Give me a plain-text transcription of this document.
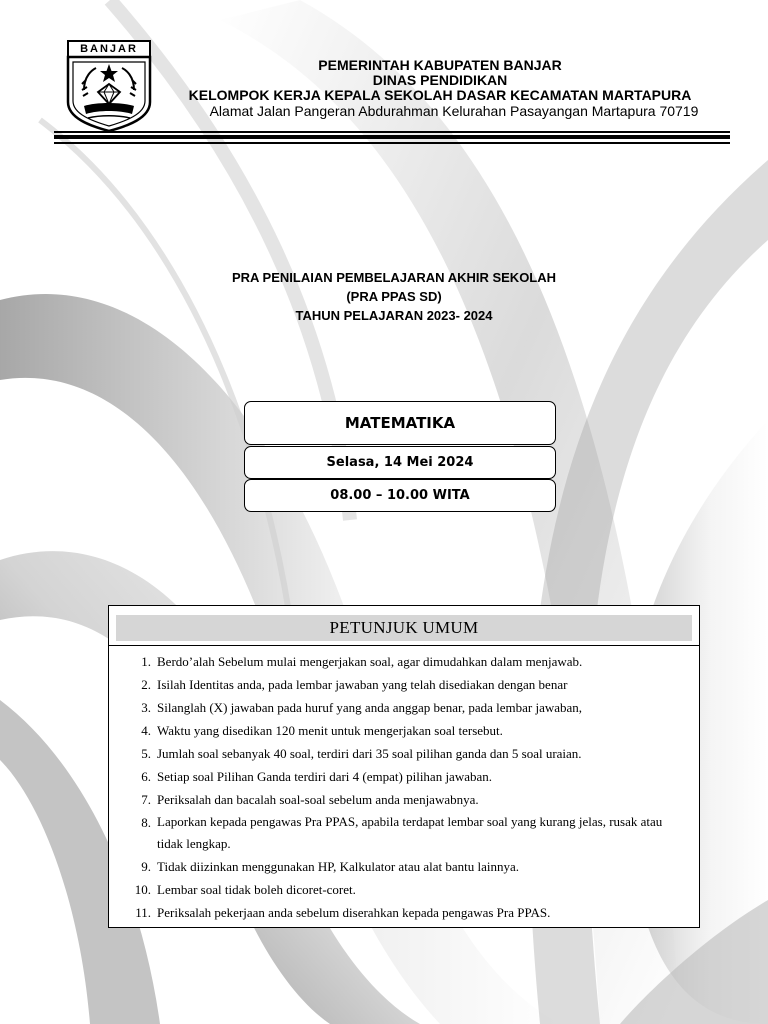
BANJAR
PEMERINTAH KABUPATEN BANJAR
DINAS PENDIDIKAN
KELOMPOK KERJA KEPALA SEKOLAH DASAR KECAMATAN MARTAPURA
Alamat Jalan Pangeran Abdurahman Kelurahan Pasayangan Martapura 70719
PRA PENILAIAN PEMBELAJARAN AKHIR SEKOLAH
(PRA PPAS SD)
TAHUN PELAJARAN 2023- 2024
MATEMATIKA
Selasa, 14 Mei 2024
08.00 – 10.00 WITA
PETUNJUK UMUM
1. Berdo’alah Sebelum mulai mengerjakan soal, agar dimudahkan dalam menjawab.
2. Isilah Identitas anda, pada lembar jawaban yang telah disediakan dengan benar
3. Silanglah (X) jawaban pada huruf yang anda anggap benar, pada lembar jawaban,
4. Waktu yang disedikan 120 menit untuk mengerjakan soal tersebut.
5. Jumlah soal sebanyak 40 soal, terdiri dari 35 soal pilihan ganda dan 5 soal uraian.
6. Setiap soal Pilihan Ganda terdiri dari 4 (empat) pilihan jawaban.
7. Periksalah dan bacalah soal-soal sebelum anda menjawabnya.
8. Laporkan kepada pengawas Pra PPAS, apabila terdapat lembar soal yang kurang jelas, rusak atau tidak lengkap.
9. Tidak diizinkan menggunakan HP, Kalkulator atau alat bantu lainnya.
10. Lembar soal tidak boleh dicoret-coret.
11. Periksalah pekerjaan anda sebelum diserahkan kepada pengawas Pra PPAS.
